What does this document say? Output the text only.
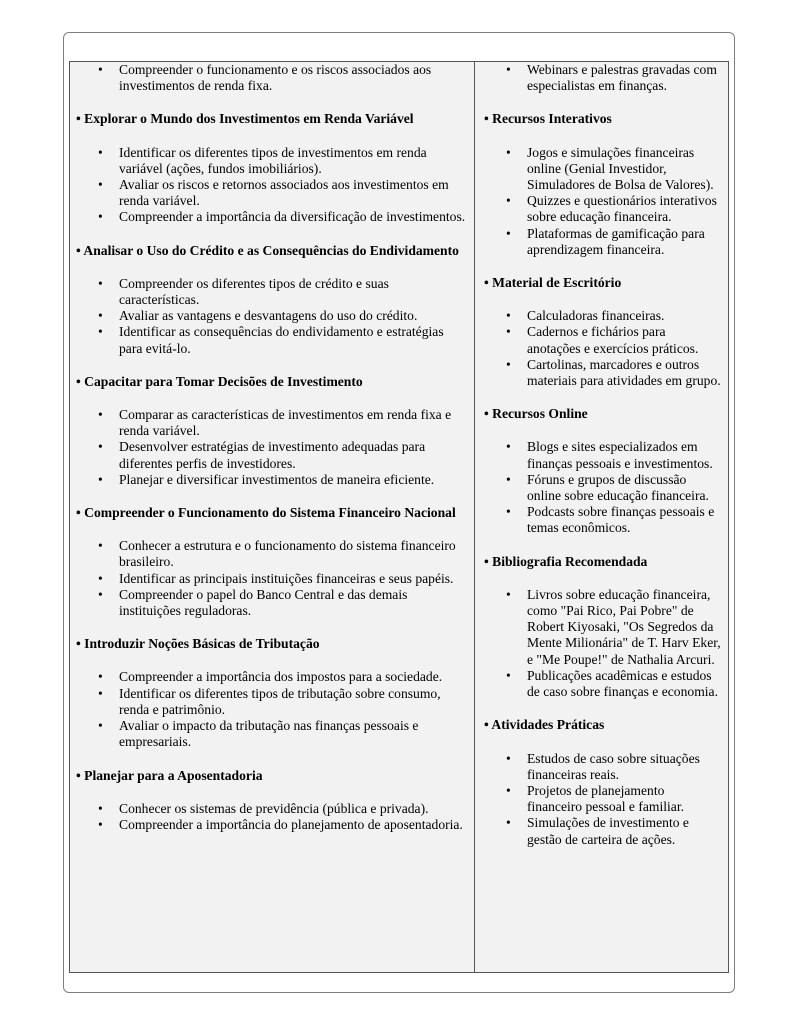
• Compreender o funcionamento e os riscos associados aos investimentos de renda fixa.

• Explorar o Mundo dos Investimentos em Renda Variável

• Identificar os diferentes tipos de investimentos em renda variável (ações, fundos imobiliários).
• Avaliar os riscos e retornos associados aos investimentos em renda variável.
• Compreender a importância da diversificação de investimentos.

• Analisar o Uso do Crédito e as Consequências do Endividamento

• Compreender os diferentes tipos de crédito e suas características.
• Avaliar as vantagens e desvantagens do uso do crédito.
• Identificar as consequências do endividamento e estratégias para evitá-lo.

• Capacitar para Tomar Decisões de Investimento

• Comparar as características de investimentos em renda fixa e renda variável.
• Desenvolver estratégias de investimento adequadas para diferentes perfis de investidores.
• Planejar e diversificar investimentos de maneira eficiente.

• Compreender o Funcionamento do Sistema Financeiro Nacional

• Conhecer a estrutura e o funcionamento do sistema financeiro brasileiro.
• Identificar as principais instituições financeiras e seus papéis.
• Compreender o papel do Banco Central e das demais instituições reguladoras.

• Introduzir Noções Básicas de Tributação

• Compreender a importância dos impostos para a sociedade.
• Identificar os diferentes tipos de tributação sobre consumo, renda e patrimônio.
• Avaliar o impacto da tributação nas finanças pessoais e empresariais.

• Planejar para a Aposentadoria

• Conhecer os sistemas de previdência (pública e privada).
• Compreender a importância do planejamento de aposentadoria.
• Webinars e palestras gravadas com especialistas em finanças.

• Recursos Interativos

• Jogos e simulações financeiras online (Genial Investidor, Simuladores de Bolsa de Valores).
• Quizzes e questionários interativos sobre educação financeira.
• Plataformas de gamificação para aprendizagem financeira.

• Material de Escritório

• Calculadoras financeiras.
• Cadernos e fichários para anotações e exercícios práticos.
• Cartolinas, marcadores e outros materiais para atividades em grupo.

• Recursos Online

• Blogs e sites especializados em finanças pessoais e investimentos.
• Fóruns e grupos de discussão online sobre educação financeira.
• Podcasts sobre finanças pessoais e temas econômicos.

• Bibliografia Recomendada

• Livros sobre educação financeira, como "Pai Rico, Pai Pobre" de Robert Kiyosaki, "Os Segredos da Mente Milionária" de T. Harv Eker, e "Me Poupe!" de Nathalia Arcuri.
• Publicações acadêmicas e estudos de caso sobre finanças e economia.

• Atividades Práticas

• Estudos de caso sobre situações financeiras reais.
• Projetos de planejamento financeiro pessoal e familiar.
• Simulações de investimento e gestão de carteira de ações.
